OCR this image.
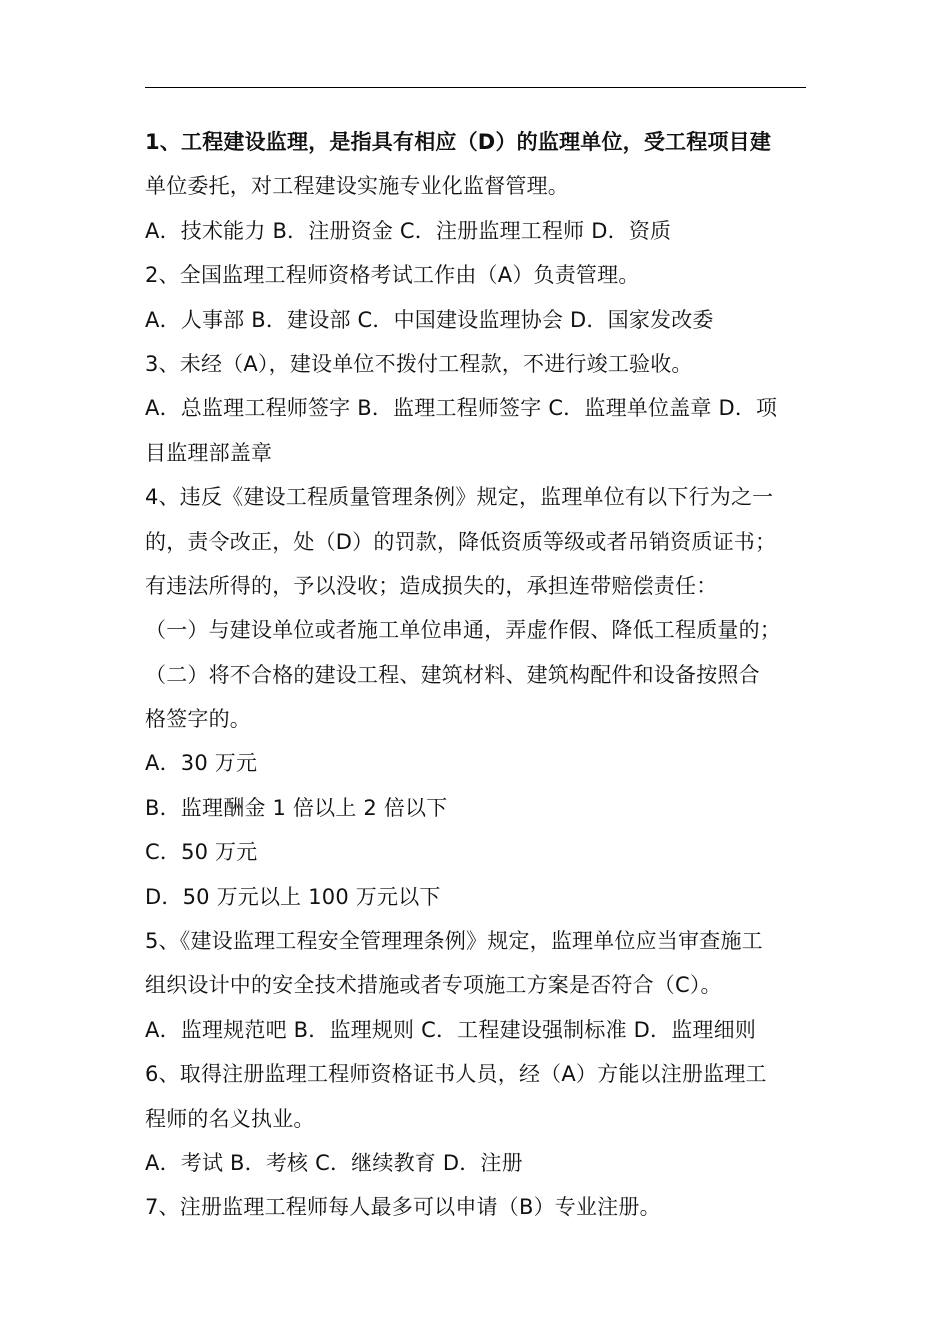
1、工程建设监理，是指具有相应（D）的监理单位，受工程项目建
单位委托，对工程建设实施专业化监督管理。
A．技术能力 B．注册资金 C．注册监理工程师 D．资质
2、全国监理工程师资格考试工作由（A）负责管理。
A．人事部 B．建设部 C．中国建设监理协会 D．国家发改委
3、未经（A），建设单位不拨付工程款，不进行竣工验收。
A．总监理工程师签字 B．监理工程师签字 C．监理单位盖章 D．项
目监理部盖章
4、违反《建设工程质量管理条例》规定，监理单位有以下行为之一
的，责令改正，处（D）的罚款，降低资质等级或者吊销资质证书；
有违法所得的，予以没收；造成损失的，承担连带赔偿责任：
（一）与建设单位或者施工单位串通，弄虚作假、降低工程质量的；
（二）将不合格的建设工程、建筑材料、建筑构配件和设备按照合
格签字的。
A．30 万元
B．监理酬金 1 倍以上 2 倍以下
C．50 万元
D．50 万元以上 100 万元以下
5、《建设监理工程安全管理理条例》规定，监理单位应当审查施工
组织设计中的安全技术措施或者专项施工方案是否符合（C）。
A．监理规范吧 B．监理规则 C．工程建设强制标准 D．监理细则
6、取得注册监理工程师资格证书人员，经（A）方能以注册监理工
程师的名义执业。
A．考试 B．考核 C．继续教育 D．注册
7、注册监理工程师每人最多可以申请（B）专业注册。
